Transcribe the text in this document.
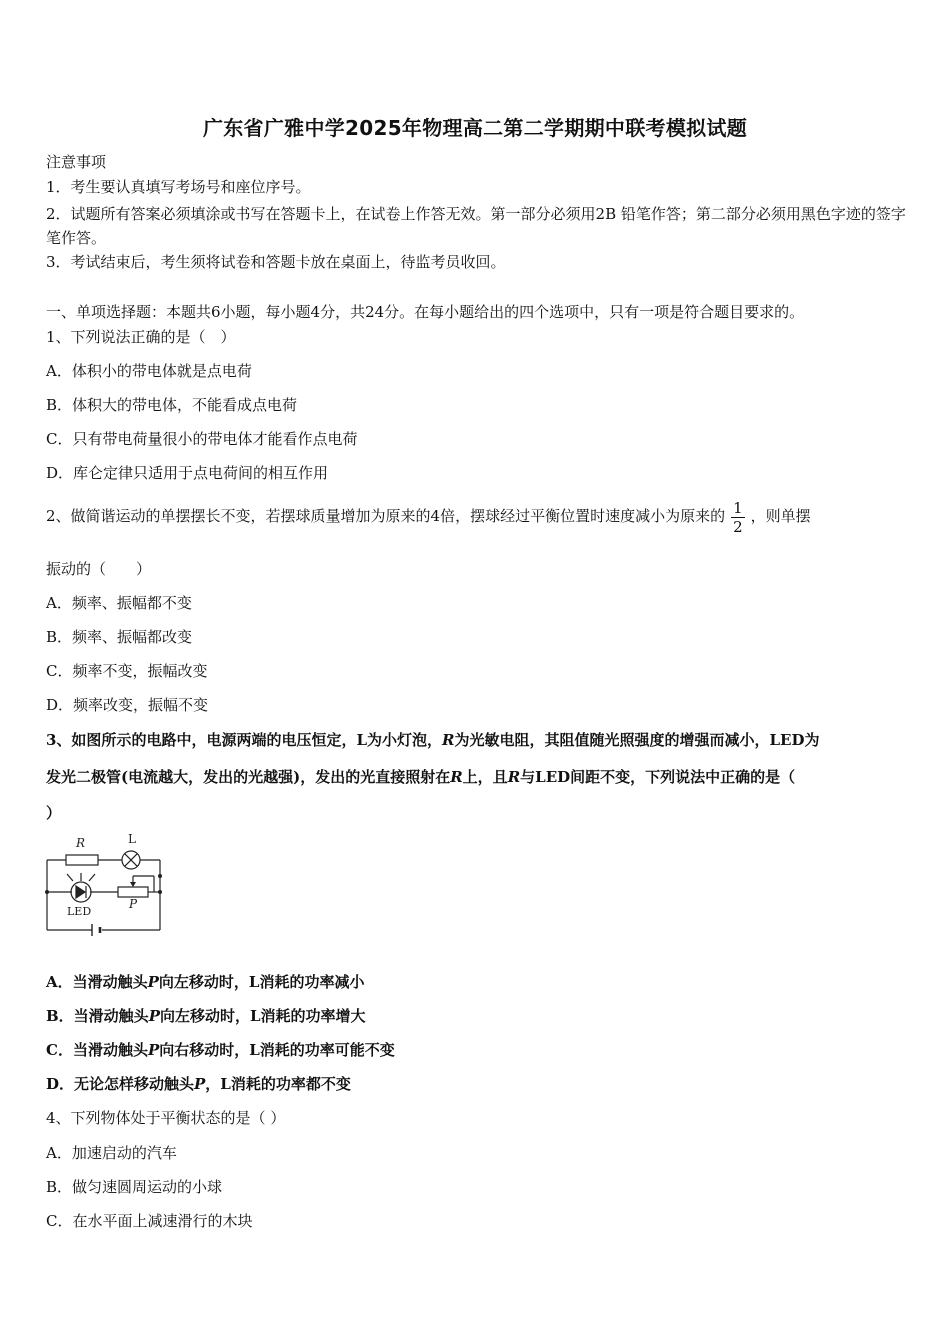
广东省广雅中学2025年物理高二第二学期期中联考模拟试题
注意事项
1．考生要认真填写考场号和座位序号。
2．试题所有答案必须填涂或书写在答题卡上，在试卷上作答无效。第一部分必须用2B 铅笔作答；第二部分必须用黑色字迹的签字笔作答。
3．考试结束后，考生须将试卷和答题卡放在桌面上，待监考员收回。
一、单项选择题：本题共6小题，每小题4分，共24分。在每小题给出的四个选项中，只有一项是符合题目要求的。
1、下列说法正确的是（　）
A．体积小的带电体就是点电荷
B．体积大的带电体，不能看成点电荷
C．只有带电荷量很小的带电体才能看作点电荷
D．库仑定律只适用于点电荷间的相互作用
2、做简谐运动的单摆摆长不变，若摆球质量增加为原来的4倍，摆球经过平衡位置时速度减小为原来的 $\frac{1}{2}$ ，则单摆
振动的（　　）
A．频率、振幅都不变
B．频率、振幅都改变
C．频率不变，振幅改变
D．频率改变，振幅不变
3、如图所示的电路中，电源两端的电压恒定，L为小灯泡，R为光敏电阻，其阻值随光照强度的增强而减小，LED为
发光二极管(电流越大，发出的光越强)，发出的光直接照射在R上，且R与LED间距不变，下列说法中正确的是（
）
R	L
LED
P
A．当滑动触头P向左移动时，L消耗的功率减小
B．当滑动触头P向左移动时，L消耗的功率增大
C．当滑动触头P向右移动时，L消耗的功率可能不变
D．无论怎样移动触头P，L消耗的功率都不变
4、下列物体处于平衡状态的是（ ）
A．加速启动的汽车
B．做匀速圆周运动的小球
C．在水平面上减速滑行的木块
